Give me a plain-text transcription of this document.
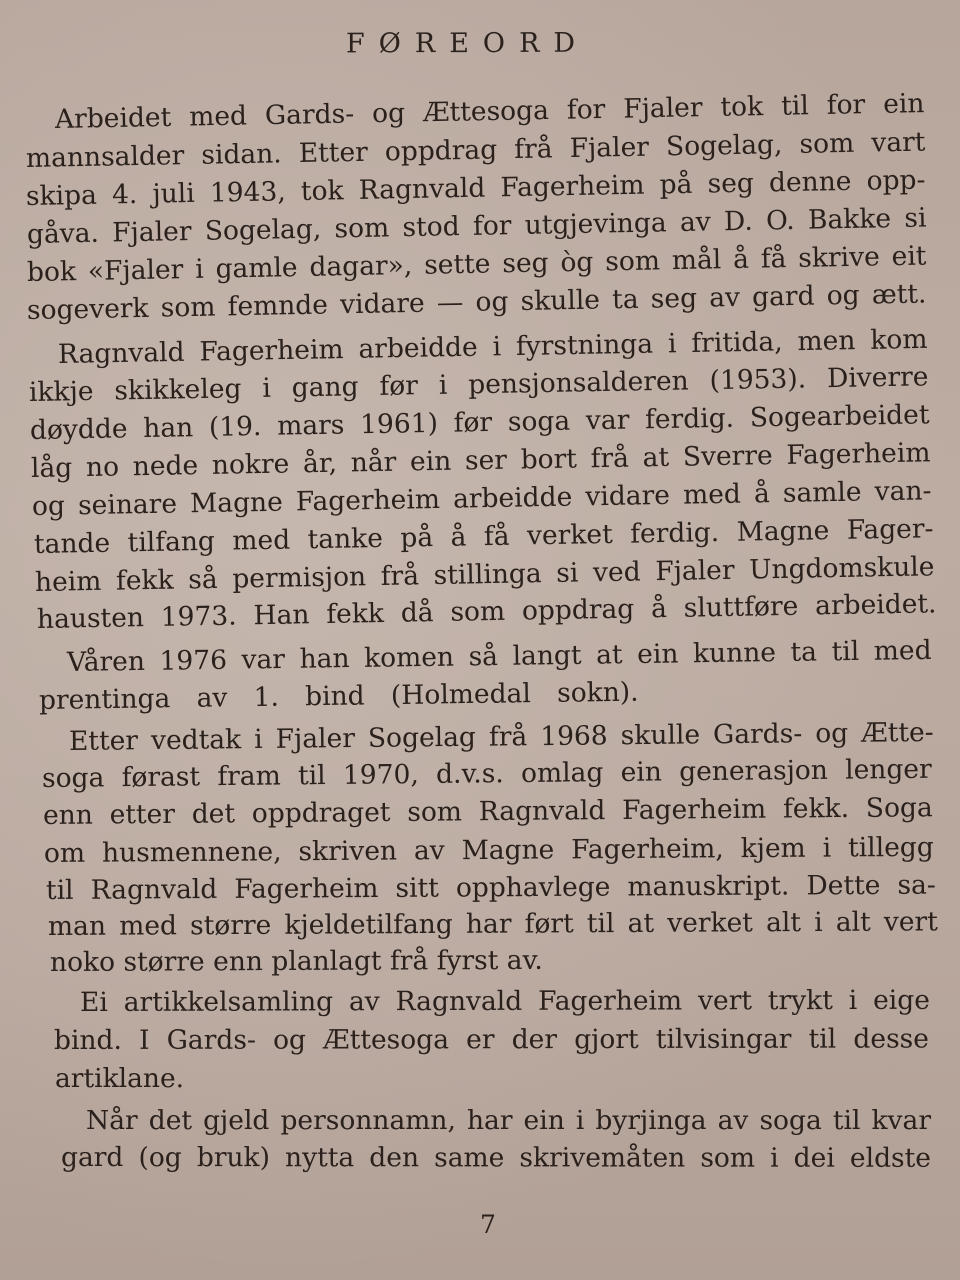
FØREORD
Arbeidet med Gards- og Ættesoga for Fjaler tok til for ein
mannsalder sidan. Etter oppdrag frå Fjaler Sogelag, som vart
skipa 4. juli 1943, tok Ragnvald Fagerheim på seg denne opp-
gåva. Fjaler Sogelag, som stod for utgjevinga av D. O. Bakke si
bok «Fjaler i gamle dagar», sette seg òg som mål å få skrive eit
sogeverk som femnde vidare — og skulle ta seg av gard og ætt.
Ragnvald Fagerheim arbeidde i fyrstninga i fritida, men kom
ikkje skikkeleg i gang før i pensjonsalderen (1953). Diverre
døydde han (19. mars 1961) før soga var ferdig. Sogearbeidet
låg no nede nokre år, når ein ser bort frå at Sverre Fagerheim
og seinare Magne Fagerheim arbeidde vidare med å samle van-
tande tilfang med tanke på å få verket ferdig. Magne Fager-
heim fekk så permisjon frå stillinga si ved Fjaler Ungdomskule
hausten 1973. Han fekk då som oppdrag å sluttføre arbeidet.
Våren 1976 var han komen så langt at ein kunne ta til med
prentinga av 1. bind (Holmedal sokn).
Etter vedtak i Fjaler Sogelag frå 1968 skulle Gards- og Ætte-
soga førast fram til 1970, d.v.s. omlag ein generasjon lenger
enn etter det oppdraget som Ragnvald Fagerheim fekk. Soga
om husmennene, skriven av Magne Fagerheim, kjem i tillegg
til Ragnvald Fagerheim sitt opphavlege manuskript. Dette sa-
man med større kjeldetilfang har ført til at verket alt i alt vert
noko større enn planlagt frå fyrst av.
Ei artikkelsamling av Ragnvald Fagerheim vert trykt i eige
bind. I Gards- og Ættesoga er der gjort tilvisingar til desse
artiklane.
Når det gjeld personnamn, har ein i byrjinga av soga til kvar
gard (og bruk) nytta den same skrivemåten som i dei eldste
7
